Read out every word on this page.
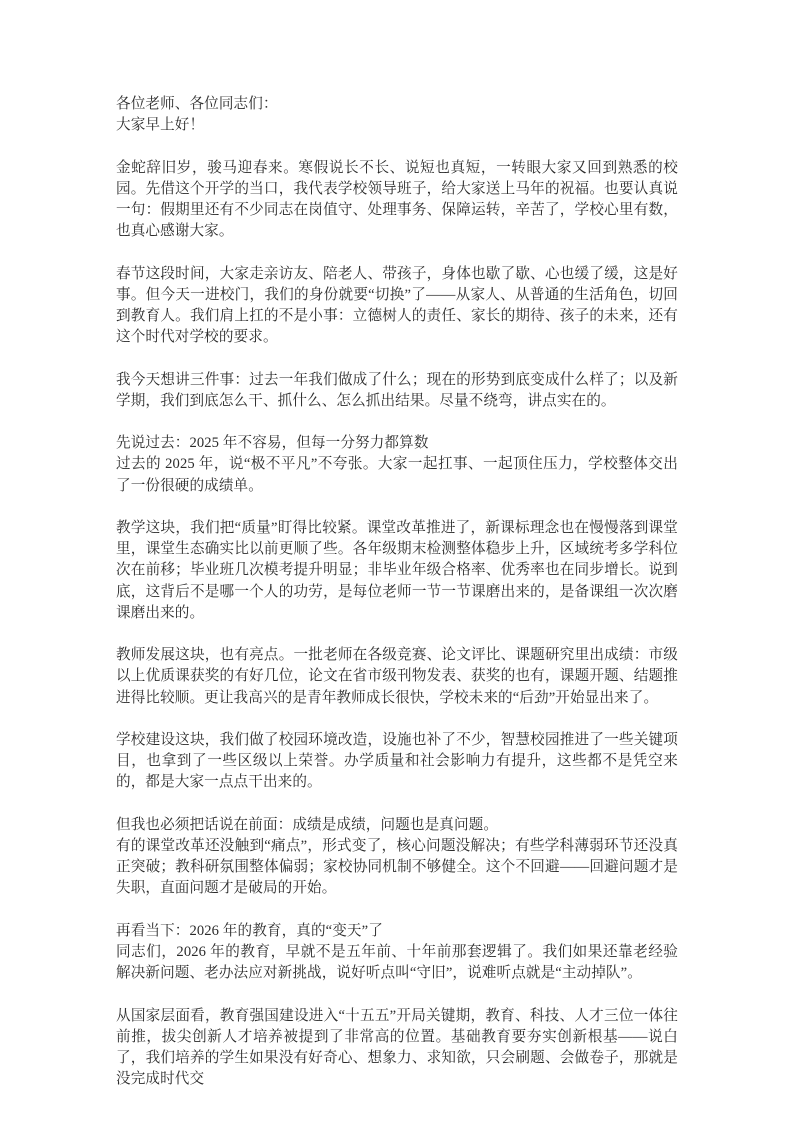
各位老师、各位同志们：
大家早上好！

金蛇辞旧岁，骏马迎春来。寒假说长不长、说短也真短，一转眼大家又回到熟悉的校园。先借这个开学的当口，我代表学校领导班子，给大家送上马年的祝福。也要认真说一句：假期里还有不少同志在岗值守、处理事务、保障运转，辛苦了，学校心里有数，也真心感谢大家。

春节这段时间，大家走亲访友、陪老人、带孩子，身体也歇了歇、心也缓了缓，这是好事。但今天一进校门，我们的身份就要“切换”了——从家人、从普通的生活角色，切回到教育人。我们肩上扛的不是小事：立德树人的责任、家长的期待、孩子的未来，还有这个时代对学校的要求。

我今天想讲三件事：过去一年我们做成了什么；现在的形势到底变成什么样了；以及新学期，我们到底怎么干、抓什么、怎么抓出结果。尽量不绕弯，讲点实在的。

先说过去：2025 年不容易，但每一分努力都算数

过去的 2025 年，说“极不平凡”不夸张。大家一起扛事、一起顶住压力，学校整体交出了一份很硬的成绩单。

教学这块，我们把“质量”盯得比较紧。课堂改革推进了，新课标理念也在慢慢落到课堂里，课堂生态确实比以前更顺了些。各年级期末检测整体稳步上升，区域统考多学科位次在前移；毕业班几次模考提升明显；非毕业年级合格率、优秀率也在同步增长。说到底，这背后不是哪一个人的功劳，是每位老师一节一节课磨出来的，是备课组一次次磨课磨出来的。

教师发展这块，也有亮点。一批老师在各级竞赛、论文评比、课题研究里出成绩：市级以上优质课获奖的有好几位，论文在省市级刊物发表、获奖的也有，课题开题、结题推进得比较顺。更让我高兴的是青年教师成长很快，学校未来的“后劲”开始显出来了。

学校建设这块，我们做了校园环境改造，设施也补了不少，智慧校园推进了一些关键项目，也拿到了一些区级以上荣誉。办学质量和社会影响力有提升，这些都不是凭空来的，都是大家一点点干出来的。

但我也必须把话说在前面：成绩是成绩，问题也是真问题。

有的课堂改革还没触到“痛点”，形式变了，核心问题没解决；有些学科薄弱环节还没真正突破；教科研氛围整体偏弱；家校协同机制不够健全。这个不回避——回避问题才是失职，直面问题才是破局的开始。

再看当下：2026 年的教育，真的“变天”了

同志们，2026 年的教育，早就不是五年前、十年前那套逻辑了。我们如果还靠老经验解决新问题、老办法应对新挑战，说好听点叫“守旧”，说难听点就是“主动掉队”。

从国家层面看，教育强国建设进入“十五五”开局关键期，教育、科技、人才三位一体往前推，拔尖创新人才培养被提到了非常高的位置。基础教育要夯实创新根基——说白了，我们培养的学生如果没有好奇心、想象力、求知欲，只会刷题、会做卷子，那就是没完成时代交
